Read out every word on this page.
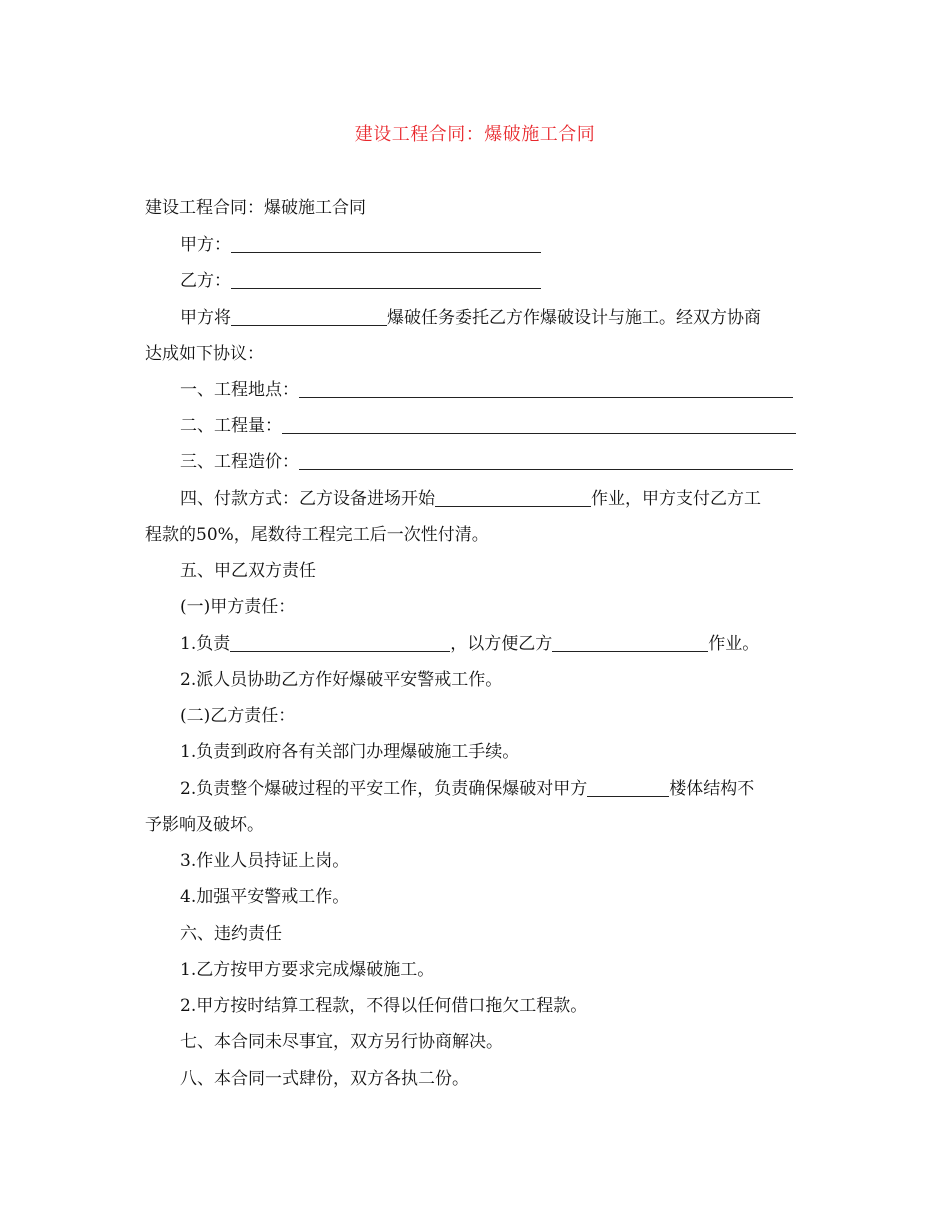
建设工程合同：爆破施工合同
建设工程合同：爆破施工合同
甲方：
乙方：
甲方将	爆破任务委托乙方作爆破设计与施工。经双方协商
达成如下协议：
一、工程地点：
二、工程量：
三、工程造价：
四、付款方式：乙方设备进场开始	作业，甲方支付乙方工
程款的50%，尾数待工程完工后一次性付清。
五、甲乙双方责任
(一)甲方责任：
1.负责	，以方便乙方	作业。
2.派人员协助乙方作好爆破平安警戒工作。
(二)乙方责任：
1.负责到政府各有关部门办理爆破施工手续。
2.负责整个爆破过程的平安工作，负责确保爆破对甲方	楼体结构不
予影响及破坏。
3.作业人员持证上岗。
4.加强平安警戒工作。
六、违约责任
1.乙方按甲方要求完成爆破施工。
2.甲方按时结算工程款，不得以任何借口拖欠工程款。
七、本合同未尽事宜，双方另行协商解决。
八、本合同一式肆份，双方各执二份。
